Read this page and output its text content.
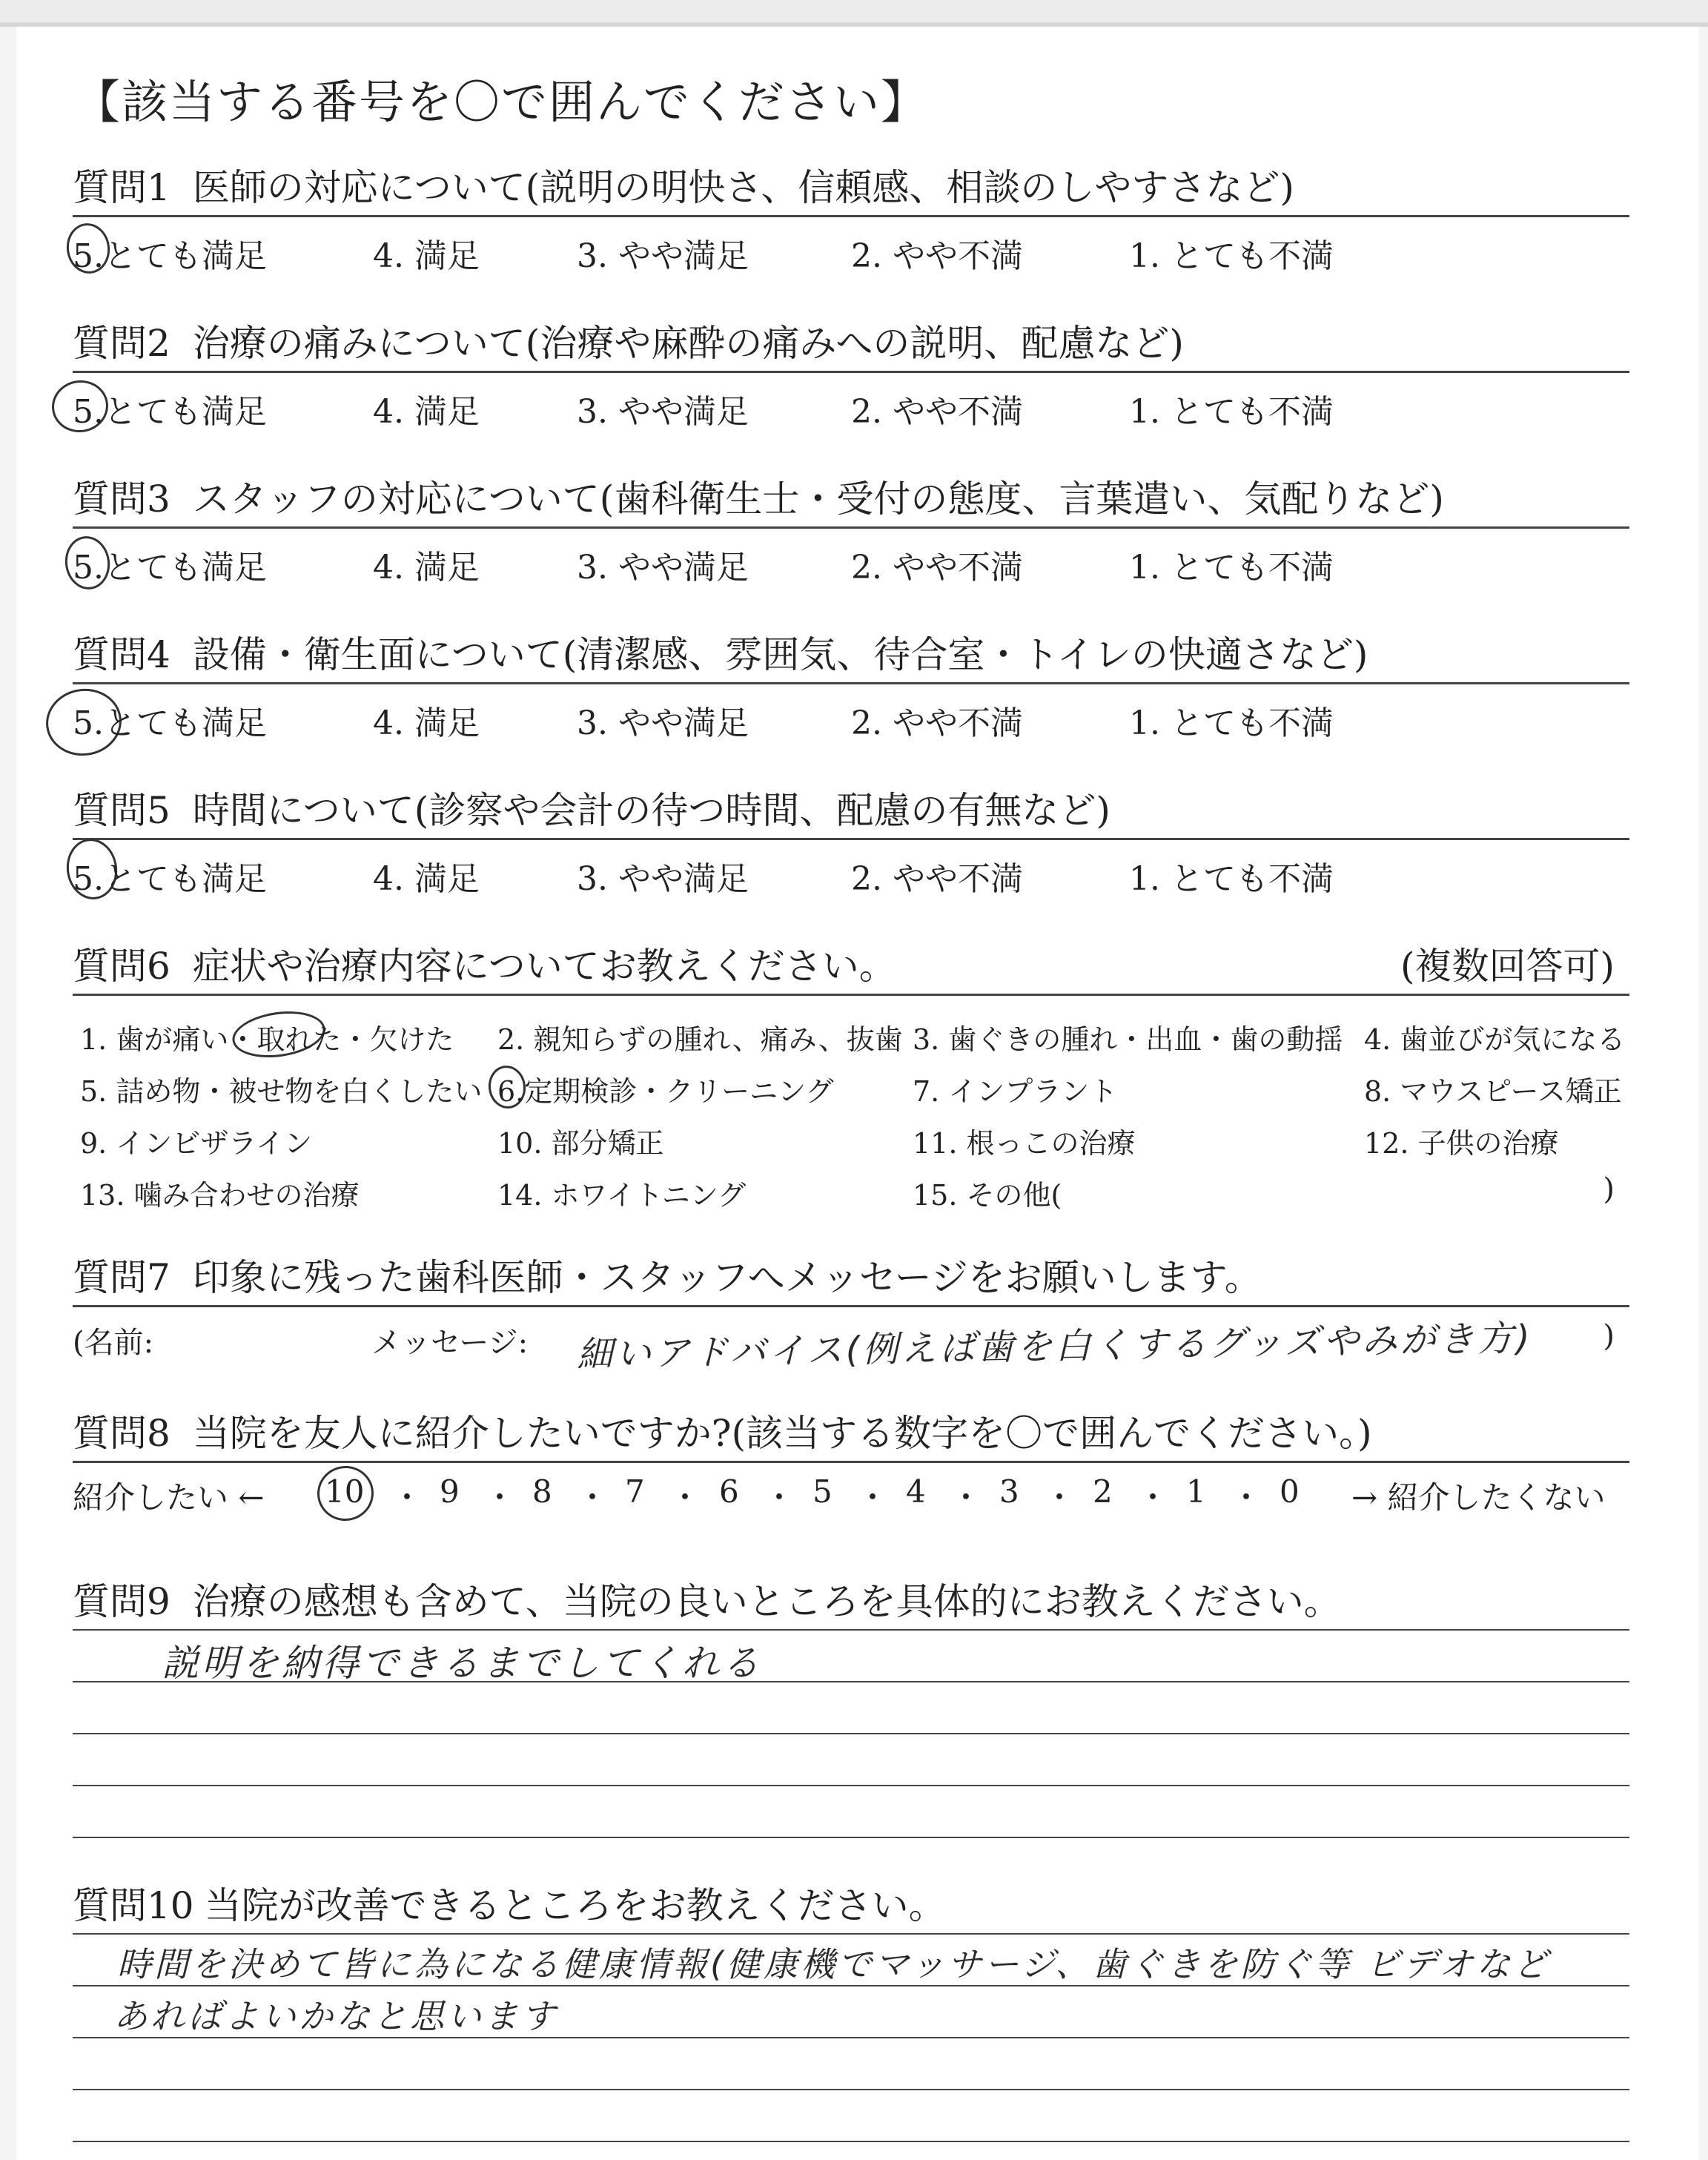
【該当する番号を〇で囲んでください】
質問1 医師の対応について(説明の明快さ、信頼感、相談のしやすさなど)
5.とても満足	4. 満足	3. やや満足	2. やや不満	1. とても不満
質問2 治療の痛みについて(治療や麻酔の痛みへの説明、配慮など)
5.とても満足	4. 満足	3. やや満足	2. やや不満	1. とても不満
質問3 スタッフの対応について(歯科衛生士・受付の態度、言葉遣い、気配りなど)
5.とても満足	4. 満足	3. やや満足	2. やや不満	1. とても不満
質問4 設備・衛生面について(清潔感、雰囲気、待合室・トイレの快適さなど)
5.とても満足	4. 満足	3. やや満足	2. やや不満	1. とても不満
質問5 時間について(診察や会計の待つ時間、配慮の有無など)
5.とても満足	4. 満足	3. やや満足	2. やや不満	1. とても不満
質問6 症状や治療内容についてお教えください。	(複数回答可)
1. 歯が痛い・取れた・欠けた 2. 親知らずの腫れ、痛み、抜歯 3. 歯ぐきの腫れ・出血・歯の動揺 4. 歯並びが気になる
5. 詰め物・被せ物を白くしたい 6.定期検診・クリーニング	7. インプラント	8. マウスピース矯正
9. インビザライン	10. 部分矯正	11. 根っこの治療	12. 子供の治療
13. 噛み合わせの治療	14. ホワイトニング	15. その他(	)
質問7 印象に残った歯科医師・スタッフへメッセージをお願いします。
(名前:	メッセージ: 細いアドバイス(例えば歯を白くするグッズやみがき方) )
質問8 当院を友人に紹介したいですか?(該当する数字を〇で囲んでください。)
紹介したい ← 10 ・ 9 ・ 8 ・ 7 ・ 6 ・ 5 ・ 4 ・ 3 ・ 2 ・ 1 ・ 0 → 紹介したくない
質問9 治療の感想も含めて、当院の良いところを具体的にお教えください。
説明を納得できるまでしてくれる
質問10 当院が改善できるところをお教えください。
時間を決めて皆に為になる健康情報(健康機でマッサージ、歯ぐきを防ぐ等 ビデオなど
あればよいかなと思います
